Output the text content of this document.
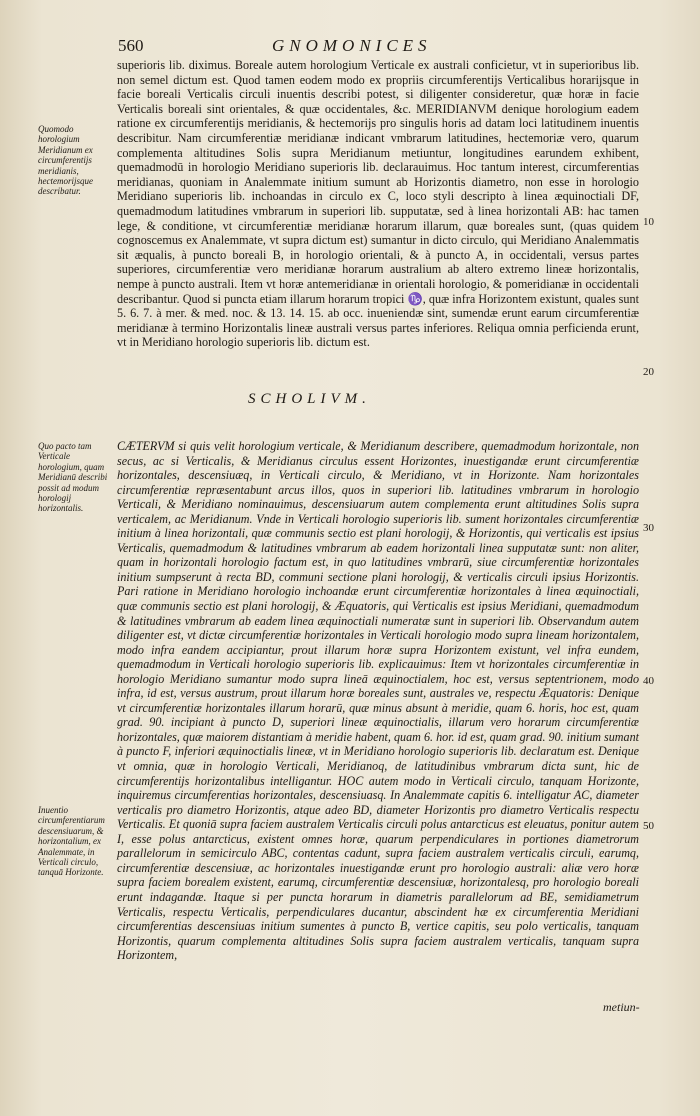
560	GNOMONICES

superioris lib. diximus. Boreale autem horologium Verticale ex australi conficietur, vt in superioribus lib. non semel dictum est. Quod tamen eodem modo ex propriis circumferentijs Verticalibus horarijsque in facie boreali Verticalis circuli inuentis describi potest, si diligenter consideretur, quæ horæ in facie Verticalis boreali sint orientales, & quæ occidentales, &c. MERIDIANVM denique horologium eadem ratione ex circumferentijs meridianis, & hectemorijs pro singulis horis ad datam loci latitudinem inuentis describitur. Nam circumferentiæ meridianæ indicant vmbrarum latitudines, hectemoriæ vero, quarum complementa altitudines Solis supra Meridianum metiuntur, longitudines earundem exhibent, quemadmodū in horologio Meridiano superioris lib. declarauimus. Hoc tantum interest, circumferentias meridianas, quoniam in Analemmate initium sumunt ab Horizontis diametro, non esse in horologio Meridiano superioris lib. inchoandas in circulo ex C, loco styli descripto à linea æquinoctiali DF, quemadmodum latitudines vmbrarum in superiori lib. supputatæ, sed à linea horizontali AB: hac tamen lege, & conditione, vt circumferentiæ meridianæ horarum illarum, quæ boreales sunt, (quas quidem cognoscemus ex Analemmate, vt supra dictum est) sumantur in dicto circulo, qui Meridiano Analemmatis sit æqualis, à puncto boreali B, in horologio orientali, & à puncto A, in occidentali, versus partes superiores, circumferentiæ vero meridianæ horarum australium ab altero extremo lineæ horizontalis, nempe à puncto australi. Item vt horæ antemeridianæ in orientali horologio, & pomeridianæ in occidentali describantur. Quod si puncta etiam illarum horarum tropici ♑, quæ infra Horizontem existunt, quales sunt 5. 6. 7. à mer. & med. noc. & 13. 14. 15. ab occ. inueniendæ sint, sumendæ erunt earum circumferentiæ meridianæ à termino Horizontalis lineæ australi versus partes inferiores. Reliqua omnia perficienda erunt, vt in Meridiano horologio superioris lib. dictum est.

Quomodo horologium Meridianum ex circumferentijs meridianis, hectemorijsque describatur.
10
20
SCHOLIVM.
Quo pacto tam Verticale horologium, quam Meridianū describi possit ad modum horologij horizontalis.

CÆTERVM si quis velit horologium verticale, & Meridianum describere, quemadmodum horizontale, non secus, ac si Verticalis, & Meridianus circulus essent Horizontes, inuestigandæ erunt circumferentiæ horizontales, descensiuæq, in Verticali circulo, & Meridiano, vt in Horizonte. Nam horizontales circumferentiæ repræsentabunt arcus illos, quos in superiori lib. latitudines vmbrarum in horologio Verticali, & Meridiano nominauimus, descensiuarum autem complementa erunt altitudines Solis supra verticalem, ac Meridianum. Vnde in Verticali horologio superioris lib. sument horizontales circumferentiæ initium à linea horizontali, quæ communis sectio est plani horologij, & Horizontis, qui verticalis est ipsius Verticalis, quemadmodum & latitudines vmbrarum ab eadem horizontali linea supputatæ sunt: non aliter, quam in horizontali horologio factum est, in quo latitudines vmbrarū, siue circumferentiæ horizontales initium sumpserunt à recta BD, communi sectione plani horologij, & verticalis circuli ipsius Horizontis. Pari ratione in Meridiano horologio inchoandæ erunt circumferentiæ horizontales à linea æquinoctiali, quæ communis sectio est plani horologij, & Æquatoris, qui Verticalis est ipsius Meridiani, quemadmodum & latitudines vmbrarum ab eadem linea æquinoctiali numeratæ sunt in superiori lib. Observandum autem diligenter est, vt dictæ circumferentiæ horizontales in Verticali horologio modo supra lineam horizontalem, modo infra eandem accipiantur, prout illarum horæ supra Horizontem existunt, vel infra eundem, quemadmodum in Verticali horologio superioris lib. explicauimus: Item vt horizontales circumferentiæ in horologio Meridiano sumantur modo supra lineā æquinoctialem, hoc est, versus septentrionem, modo infra, id est, versus austrum, prout illarum horæ boreales sunt, australes ve, respectu Æquatoris: Denique vt circumferentiæ horizontales illarum horarū, quæ minus absunt à meridie, quam 6. horis, hoc est, quam grad. 90. incipiant à puncto D, superiori lineæ æquinoctialis, illarum vero horarum circumferentiæ horizontales, quæ maiorem distantiam à meridie habent, quam 6. hor. id est, quam grad. 90. initium sumant à puncto F, inferiori æquinoctialis lineæ, vt in Meridiano horologio superioris lib. declaratum est. Denique vt omnia, quæ in horologio Verticali, Meridianoq, de latitudinibus vmbrarum dicta sunt, hic de circumferentijs horizontalibus intelligantur. HOC autem modo in Verticali circulo, tanquam Horizonte, inquiremus circumferentias horizontales, descensiuasq. In Analemmate capitis 6. intelligatur AC, diameter verticalis pro diametro Horizontis, atque adeo BD, diameter Horizontis pro diametro Verticalis respectu Verticalis. Et quoniā supra faciem australem Verticalis circuli polus antarcticus est eleuatus, ponitur autem I, esse polus antarcticus, existent omnes horæ, quarum perpendiculares in portiones diametrorum parallelorum in semicirculo ABC, contentas cadunt, supra faciem australem verticalis circuli, earumq, circumferentiæ descensiuæ, ac horizontales inuestigandæ erunt pro horologio australi: aliæ vero horæ supra faciem borealem existent, earumq, circumferentiæ descensiuæ, horizontalesq, pro horologio boreali erunt indagandæ. Itaque si per puncta horarum in diametris parallelorum ad BE, semidiametrum Verticalis, respectu Verticalis, perpendiculares ducantur, abscindent hæ ex circumferentia Meridiani circumferentias descensiuas initium sumentes à puncto B, vertice capitis, seu polo verticalis, tanquam Horizontis, quarum complementa altitudines Solis supra faciem australem verticalis, tanquam supra Horizontem,

30
40
50
Inuentio circumferentiarum descensiuarum, & horizontalium, ex Analemmate, in Verticali circulo, tanquā Horizonte.
metiun-
